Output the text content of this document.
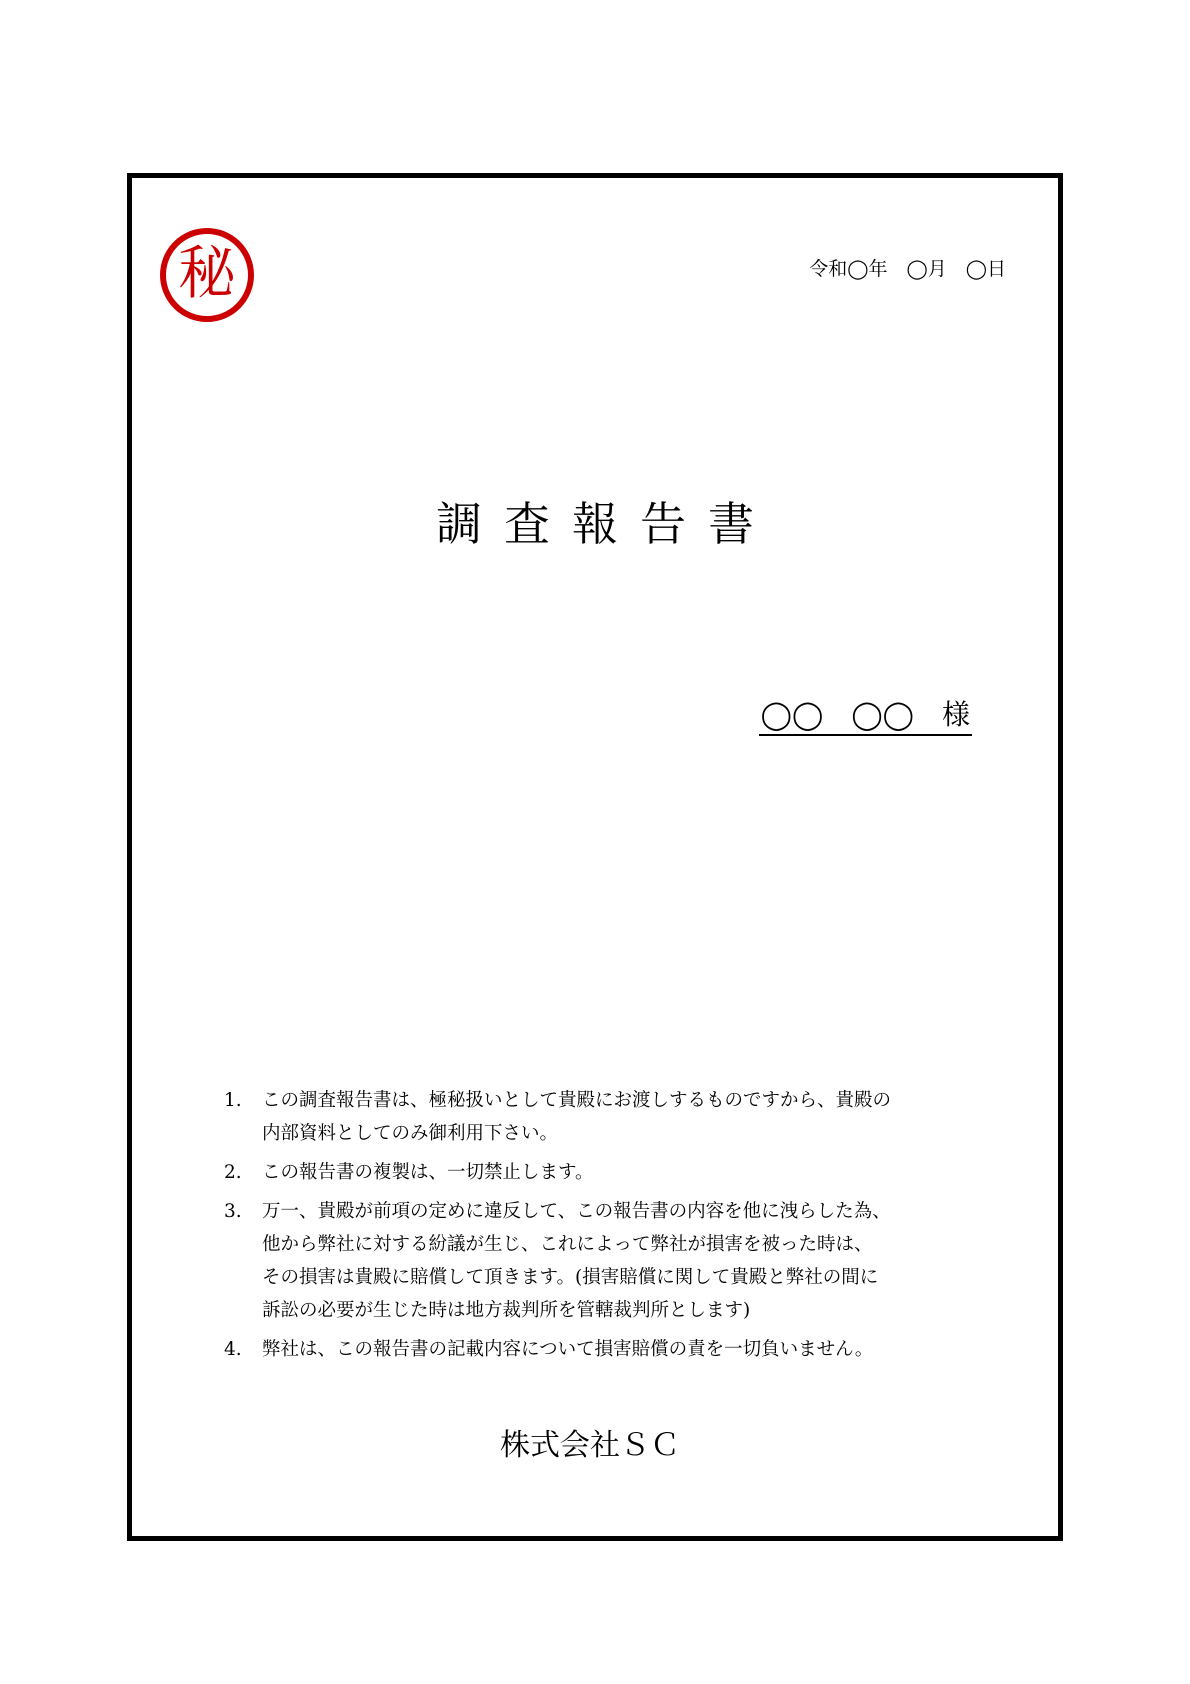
秘	令和◯年　◯月　◯日
調査報告書
◯◯　◯◯　様
1.	この調査報告書は、極秘扱いとして貴殿にお渡しするものですから、貴殿の
内部資料としてのみ御利用下さい。
2.	この報告書の複製は、一切禁止します。
3.	万一、貴殿が前項の定めに違反して、この報告書の内容を他に洩らした為、
他から弊社に対する紛議が生じ、これによって弊社が損害を被った時は、
その損害は貴殿に賠償して頂きます。(損害賠償に関して貴殿と弊社の間に
訴訟の必要が生じた時は地方裁判所を管轄裁判所とします)
4.	弊社は、この報告書の記載内容について損害賠償の責を一切負いません。
株式会社ＳＣ
